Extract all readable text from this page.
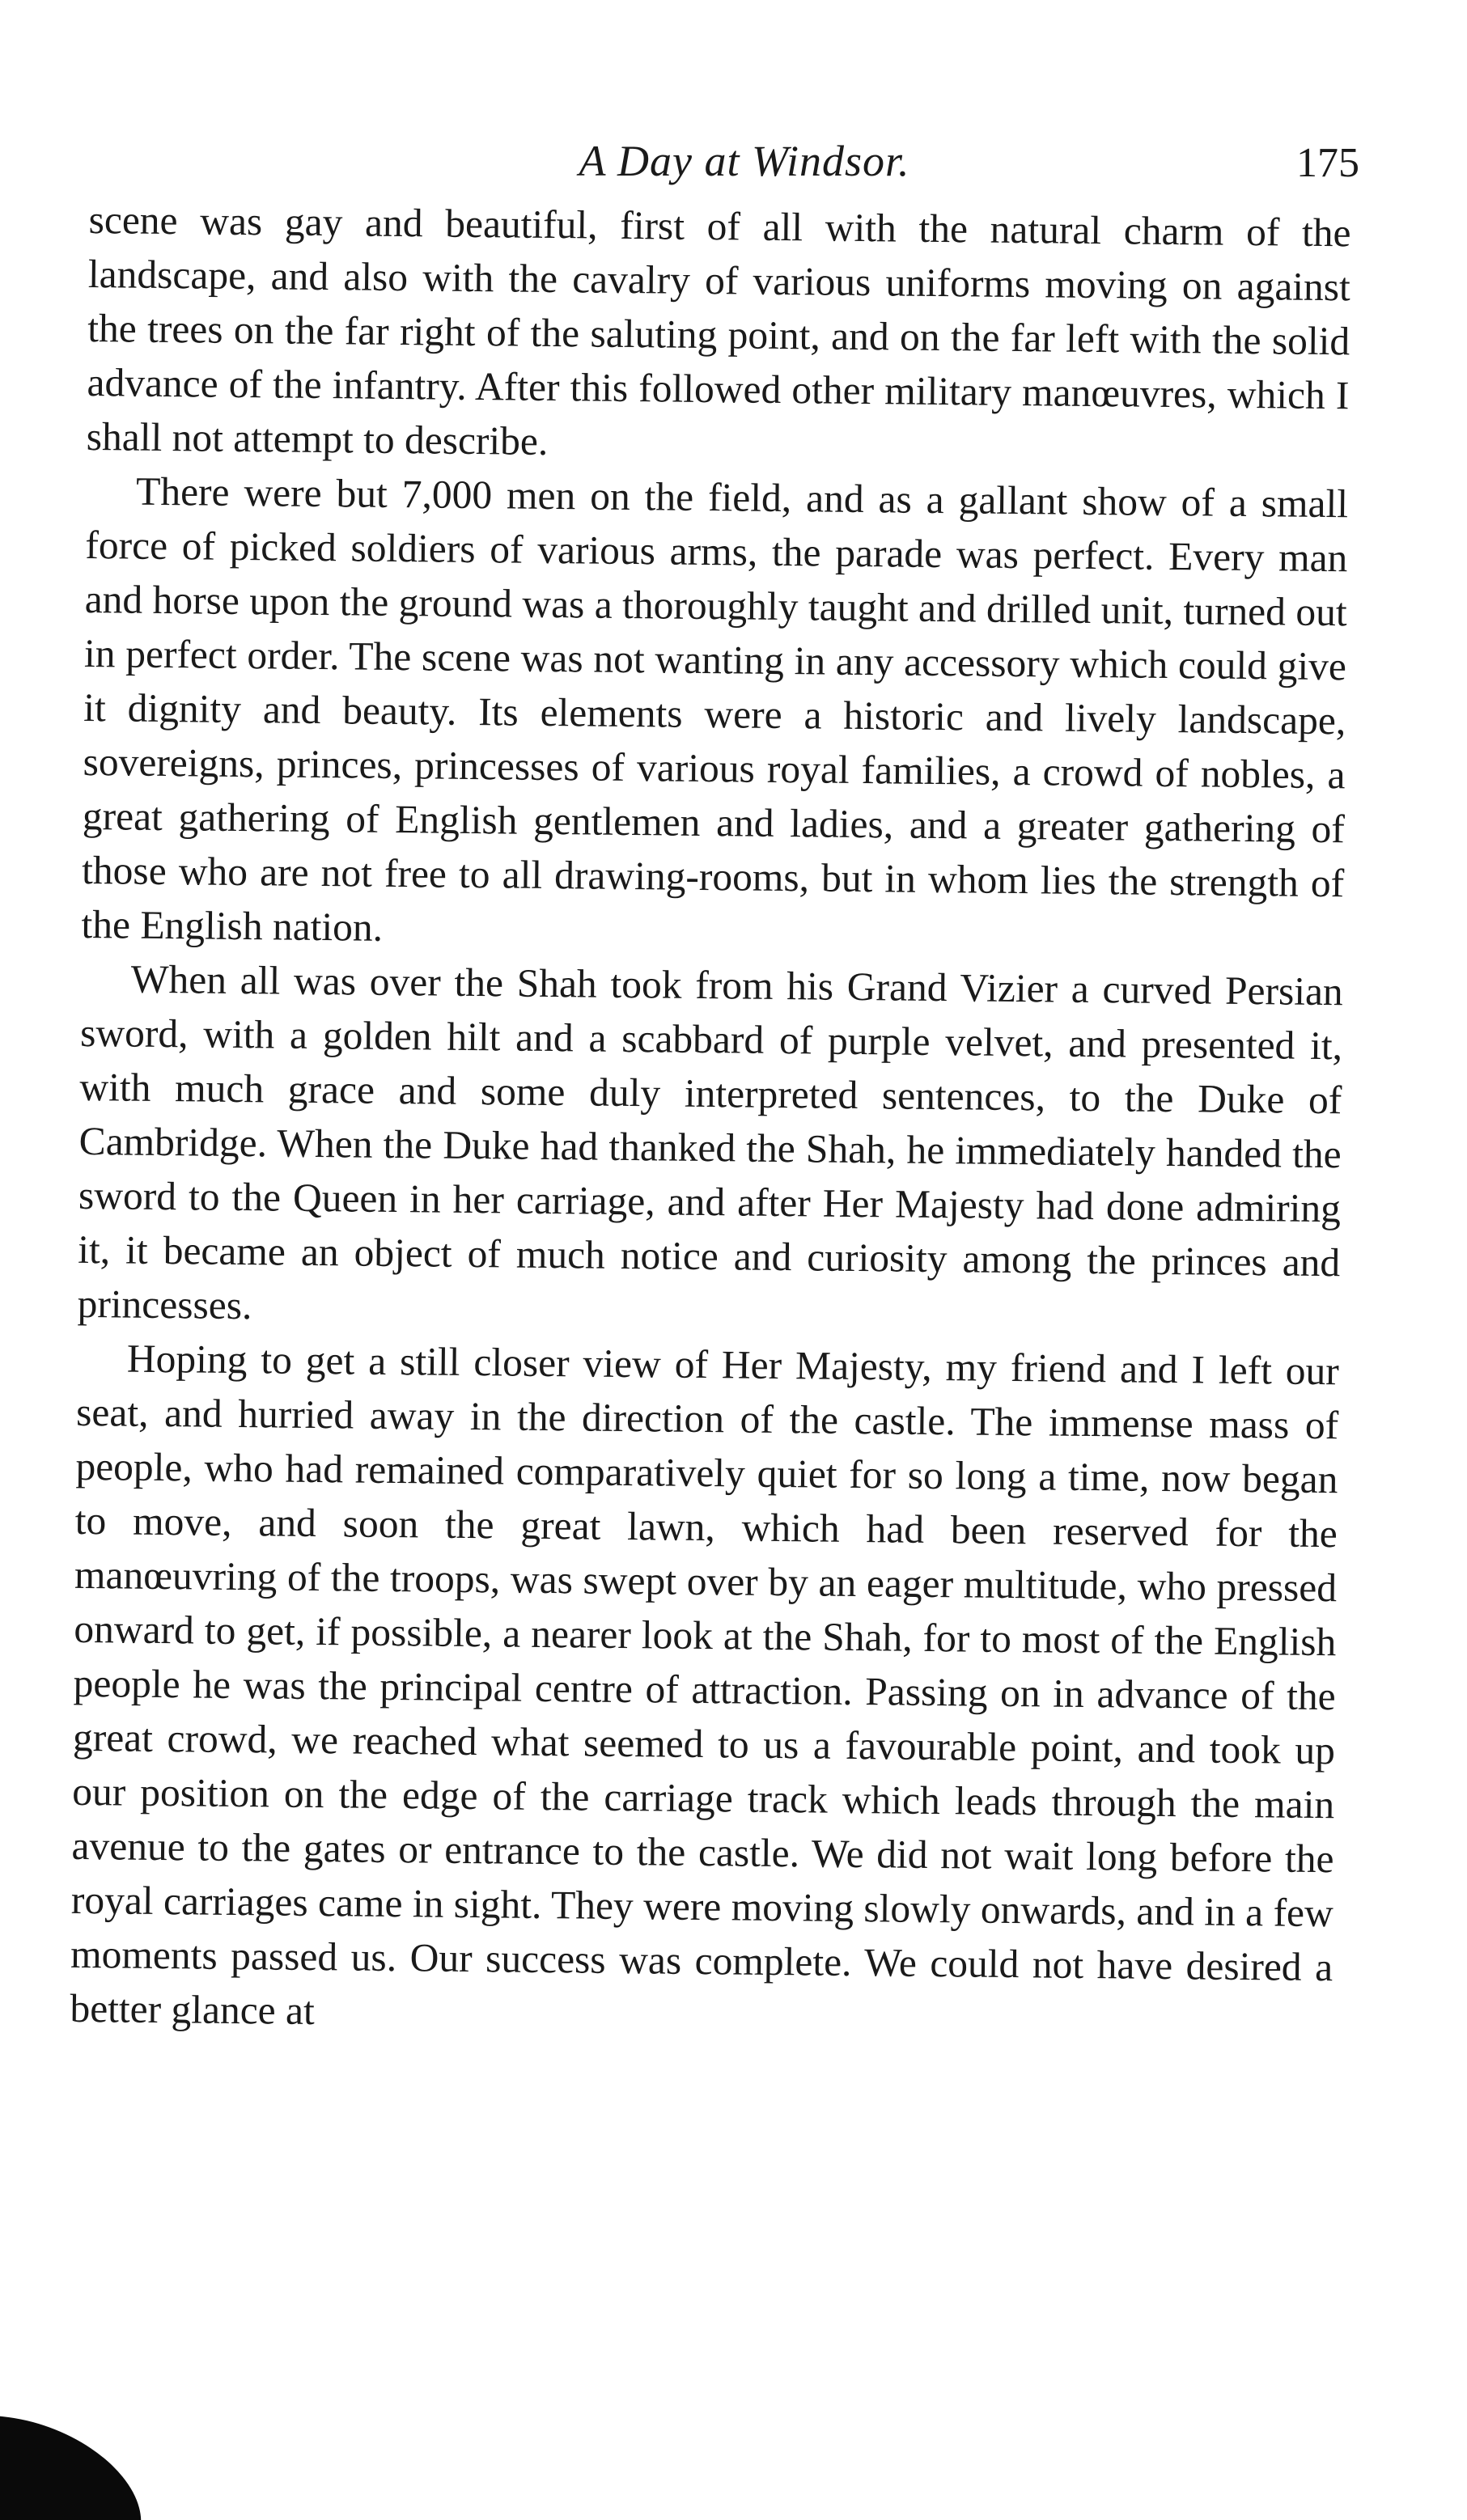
A Day at Windsor.	175

scene was gay and beautiful, first of all with the natural charm of the landscape, and also with the cavalry of various uniforms moving on against the trees on the far right of the saluting point, and on the far left with the solid advance of the infantry. After this followed other military manœuvres, which I shall not attempt to describe.

There were but 7,000 men on the field, and as a gallant show of a small force of picked soldiers of various arms, the parade was perfect. Every man and horse upon the ground was a thoroughly taught and drilled unit, turned out in perfect order. The scene was not wanting in any accessory which could give it dignity and beauty. Its elements were a historic and lively landscape, sovereigns, princes, princesses of various royal families, a crowd of nobles, a great gathering of English gentlemen and ladies, and a greater gathering of those who are not free to all drawing-rooms, but in whom lies the strength of the English nation.

When all was over the Shah took from his Grand Vizier a curved Persian sword, with a golden hilt and a scabbard of purple velvet, and presented it, with much grace and some duly interpreted sentences, to the Duke of Cambridge. When the Duke had thanked the Shah, he immediately handed the sword to the Queen in her carriage, and after Her Majesty had done admiring it, it became an object of much notice and curiosity among the princes and princesses.

Hoping to get a still closer view of Her Majesty, my friend and I left our seat, and hurried away in the direction of the castle. The immense mass of people, who had remained comparatively quiet for so long a time, now began to move, and soon the great lawn, which had been reserved for the manœuvring of the troops, was swept over by an eager multitude, who pressed onward to get, if possible, a nearer look at the Shah, for to most of the English people he was the principal centre of attraction. Passing on in advance of the great crowd, we reached what seemed to us a favourable point, and took up our position on the edge of the carriage track which leads through the main avenue to the gates or entrance to the castle. We did not wait long before the royal carriages came in sight. They were moving slowly onwards, and in a few moments passed us. Our success was complete. We could not have desired a better glance at
